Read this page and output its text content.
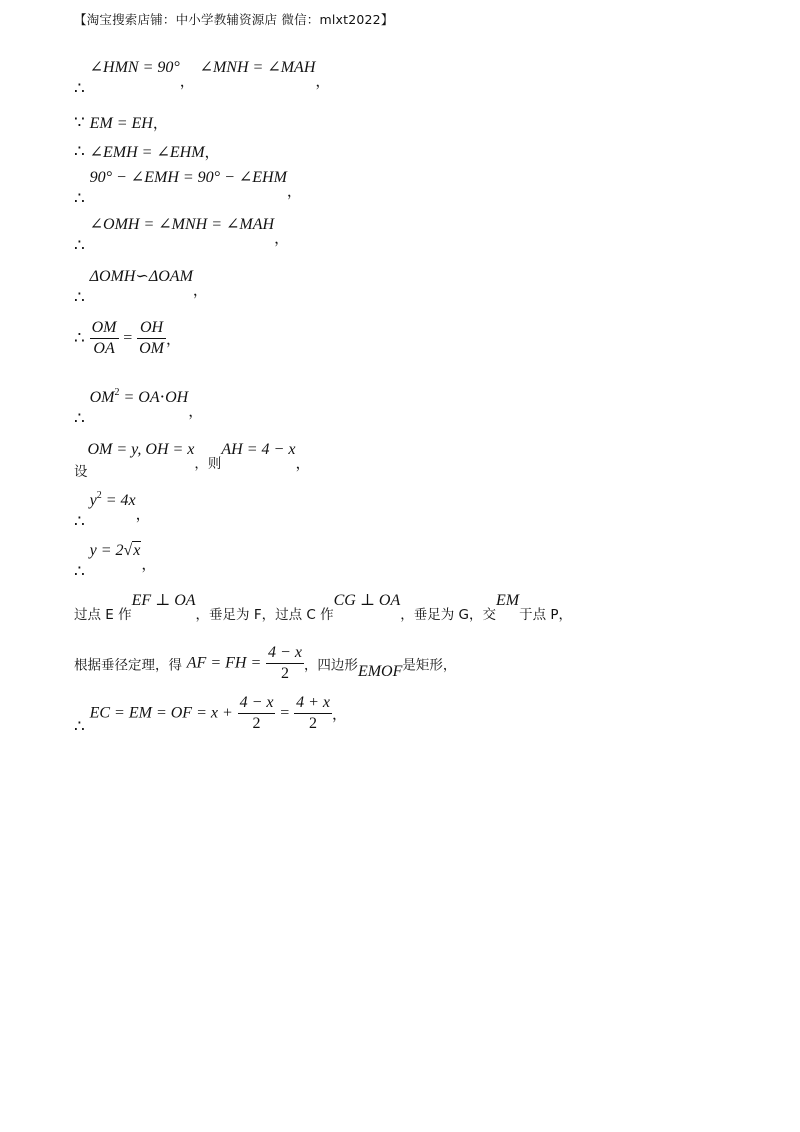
【淘宝搜索店铺：中小学教辅资源店 微信：mlxt2022】
∴ ∠HMN = 90°， ∠MNH = ∠MAH，
∵ EM = EH，
∴ ∠EMH = ∠EHM，
∴ 90° − ∠EMH = 90° − ∠EHM，
∴ ∠OMH = ∠MNH = ∠MAH，
∴ ΔOMH∽ΔOAM，
∴ $\frac{OM}{OA} = \frac{OH}{OM}$ ，
∴ $OM^2 = OA\cdot OH$，
设OM = y, OH = x，则AH = 4 − x，
∴ $y^2 = 4x$，
∴ y = 2√x，
过点 E 作EF ⊥ OA，垂足为 F，过点 C 作CG ⊥ OA，垂足为 G，交EM于点 P，
根据垂径定理，得 AF = FH = $\frac{4 - x}{2}$ ，四边形EMOF是矩形，
∴ EC = EM = OF = $x + \frac{4 - x}{2} = \frac{4 + x}{2}$ ，
